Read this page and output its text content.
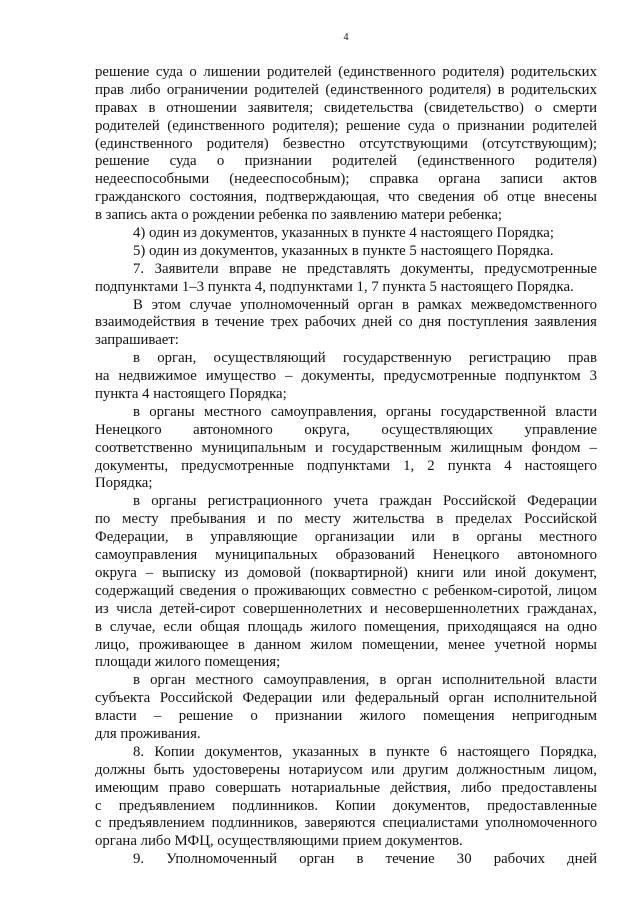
4
решение суда о лишении родителей (единственного родителя) родительских
прав либо ограничении родителей (единственного родителя) в родительских
правах в отношении заявителя; свидетельства (свидетельство) о смерти
родителей (единственного родителя); решение суда о признании родителей
(единственного родителя) безвестно отсутствующими (отсутствующим);
решение суда о признании родителей (единственного родителя)
недееспособными (недееспособным); справка органа записи актов
гражданского состояния, подтверждающая, что сведения об отце внесены
в запись акта о рождении ребенка по заявлению матери ребенка;
4) один из документов, указанных в пункте 4 настоящего Порядка;
5) один из документов, указанных в пункте 5 настоящего Порядка.
7. Заявители вправе не представлять документы, предусмотренные
подпунктами 1–3 пункта 4, подпунктами 1, 7 пункта 5 настоящего Порядка.
В этом случае уполномоченный орган в рамках межведомственного
взаимодействия в течение трех рабочих дней со дня поступления заявления
запрашивает:
в орган, осуществляющий государственную регистрацию прав
на недвижимое имущество – документы, предусмотренные подпунктом 3
пункта 4 настоящего Порядка;
в органы местного самоуправления, органы государственной власти
Ненецкого автономного округа, осуществляющих управление
соответственно муниципальным и государственным жилищным фондом –
документы, предусмотренные подпунктами 1, 2 пункта 4 настоящего
Порядка;
в органы регистрационного учета граждан Российской Федерации
по месту пребывания и по месту жительства в пределах Российской
Федерации, в управляющие организации или в органы местного
самоуправления муниципальных образований Ненецкого автономного
округа – выписку из домовой (поквартирной) книги или иной документ,
содержащий сведения о проживающих совместно с ребенком-сиротой, лицом
из числа детей-сирот совершеннолетних и несовершеннолетних гражданах,
в случае, если общая площадь жилого помещения, приходящаяся на одно
лицо, проживающее в данном жилом помещении, менее учетной нормы
площади жилого помещения;
в орган местного самоуправления, в орган исполнительной власти
субъекта Российской Федерации или федеральный орган исполнительной
власти – решение о признании жилого помещения непригодным
для проживания.
8. Копии документов, указанных в пункте 6 настоящего Порядка,
должны быть удостоверены нотариусом или другим должностным лицом,
имеющим право совершать нотариальные действия, либо предоставлены
с предъявлением подлинников. Копии документов, предоставленные
с предъявлением подлинников, заверяются специалистами уполномоченного
органа либо МФЦ, осуществляющими прием документов.
9. Уполномоченный орган в течение 30 рабочих дней
